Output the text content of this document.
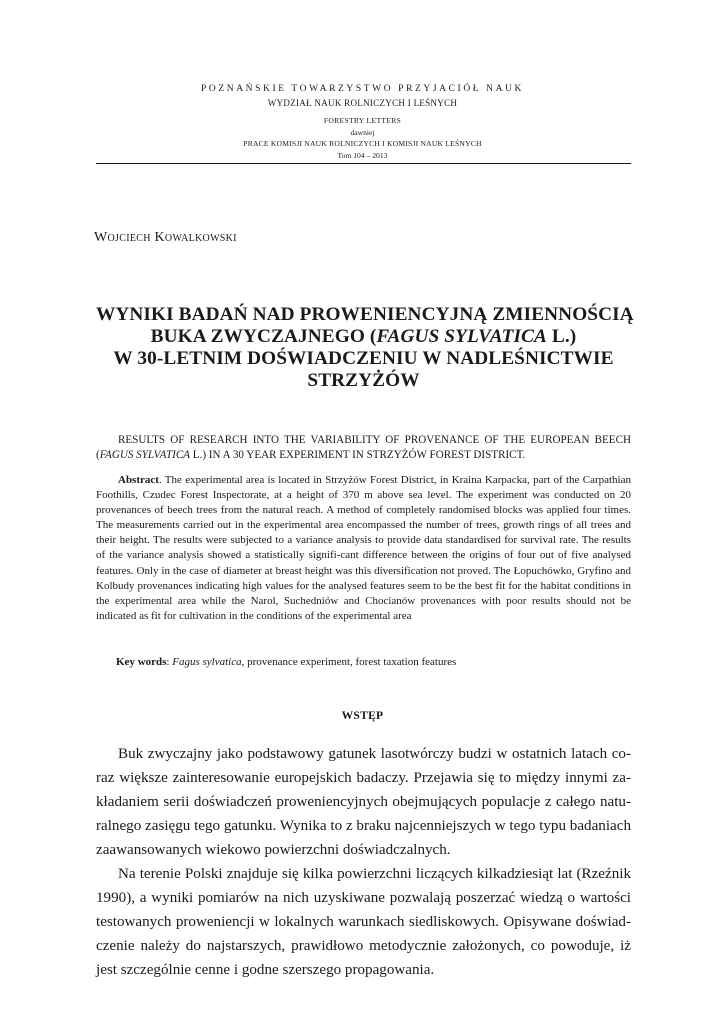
POZNAŃSKIE TOWARZYSTWO PRZYJACIÓŁ NAUK
WYDZIAŁ NAUK ROLNICZYCH I LEŚNYCH
FORESTRY LETTERS
dawniej
PRACE KOMISJI NAUK ROLNICZYCH I KOMISJI NAUK LEŚNYCH
Tom 104 – 2013
Wojciech Kowalkowski
WYNIKI BADAŃ NAD PROWENIENCYJNĄ ZMIENNOŚCIĄ
BUKA ZWYCZAJNEGO (FAGUS SYLVATICA L.)
W 30-LETNIM DOŚWIADCZENIU W NADLEŚNICTWIE
STRZYŻÓW
RESULTS OF RESEARCH INTO THE VARIABILITY OF PROVENANCE OF THE EUROPEAN BEECH (FAGUS SYLVATICA L.) IN A 30 YEAR EXPERIMENT IN STRZYŻÓW FOREST DISTRICT.
Abstract. The experimental area is located in Strzyżów Forest District, in Kraina Karpacka, part of the Carpathian Foothills, Czudec Forest Inspectorate, at a height of 370 m above sea level. The experiment was conducted on 20 provenances of beech trees from the natural reach. A method of completely randomised blocks was applied four times. The measurements carried out in the experimental area encompassed the number of trees, growth rings of all trees and their height. The results were subjected to a variance analysis to provide data standardised for survival rate. The results of the variance analysis showed a statistically signifi-cant difference between the origins of four out of five analysed features. Only in the case of diameter at breast height was this diversification not proved. The Łopuchówko, Gryfino and Kolbudy provenances indicating high values for the analysed features seem to be the best fit for the habitat conditions in the experimental area while the Narol, Suchedniów and Chocianów provenances with poor results should not be indicated as fit for cultivation in the conditions of the experimental area
Key words: Fagus sylvatica, provenance experiment, forest taxation features
WSTĘP
Buk zwyczajny jako podstawowy gatunek lasotwórczy budzi w ostatnich latach co-
raz większe zainteresowanie europejskich badaczy. Przejawia się to między innymi za-
kładaniem serii doświadczeń proweniencyjnych obejmujących populacje z całego natu-
ralnego zasięgu tego gatunku. Wynika to z braku najcenniejszych w tego typu badaniach
zaawansowanych wiekowo powierzchni doświadczalnych.
Na terenie Polski znajduje się kilka powierzchni liczących kilkadziesiąt lat (Rzeźnik
1990), a wyniki pomiarów na nich uzyskiwane pozwalają poszerzać wiedzą o wartości
testowanych proweniencji w lokalnych warunkach siedliskowych. Opisywane doświad-
czenie należy do najstarszych, prawidłowo metodycznie założonych, co powoduje, iż
jest szczególnie cenne i godne szerszego propagowania.
